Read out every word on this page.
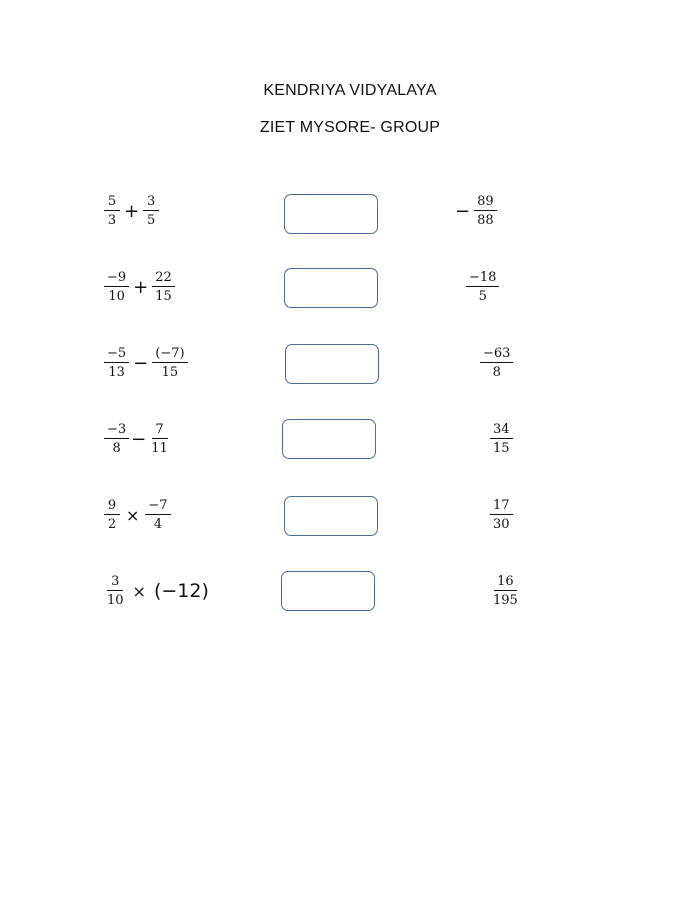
KENDRIYA VIDYALAYA
ZIET MYSORE- GROUP
$\frac{5}{3} + \frac{3}{5}$	− $\frac{89}{88}$
$\frac{-9}{10} + \frac{22}{15}$	$\frac{-18}{5}$
$\frac{-5}{13} - \frac{(-7)}{15}$	$\frac{-63}{8}$
$\frac{-3}{8} - \frac{7}{11}$	$\frac{34}{15}$
$\frac{9}{2} \times \frac{-7}{4}$	$\frac{17}{30}$
$\frac{3}{10} \times (-12)$	$\frac{16}{195}$
